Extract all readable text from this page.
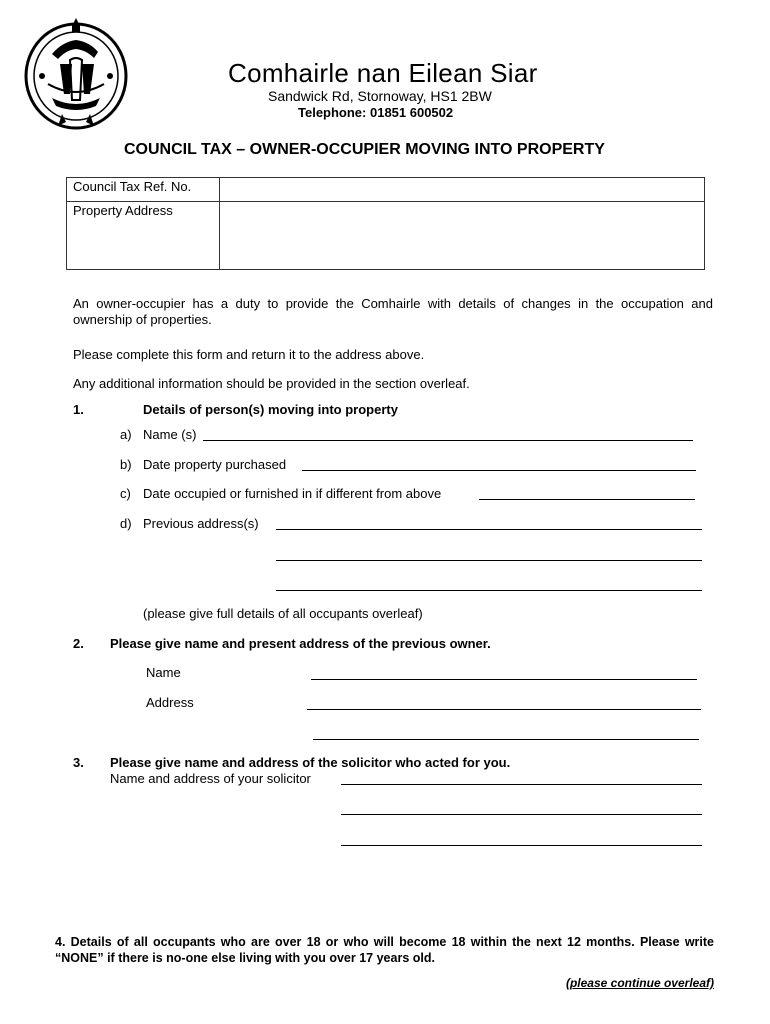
Comhairle nan Eilean Siar
Sandwick Rd, Stornoway, HS1 2BW
Telephone: 01851 600502
COUNCIL TAX – OWNER-OCCUPIER MOVING INTO PROPERTY
Council Tax Ref. No.	
Property Address	
An owner-occupier has a duty to provide the Comhairle with details of changes in the occupation and ownership of properties.
Please complete this form and return it to the address above.
Any additional information should be provided in the section overleaf.
1.	Details of person(s) moving into property
a) Name (s)
b) Date property purchased
c) Date occupied or furnished in if different from above
d) Previous address(s)
(please give full details of all occupants overleaf)
2. Please give name and present address of the previous owner.
Name
Address
3. Please give name and address of the solicitor who acted for you.
Name and address of your solicitor
4. Details of all occupants who are over 18 or who will become 18 within the next 12 months. Please write “NONE” if there is no-one else living with you over 17 years old.
(please continue overleaf)
